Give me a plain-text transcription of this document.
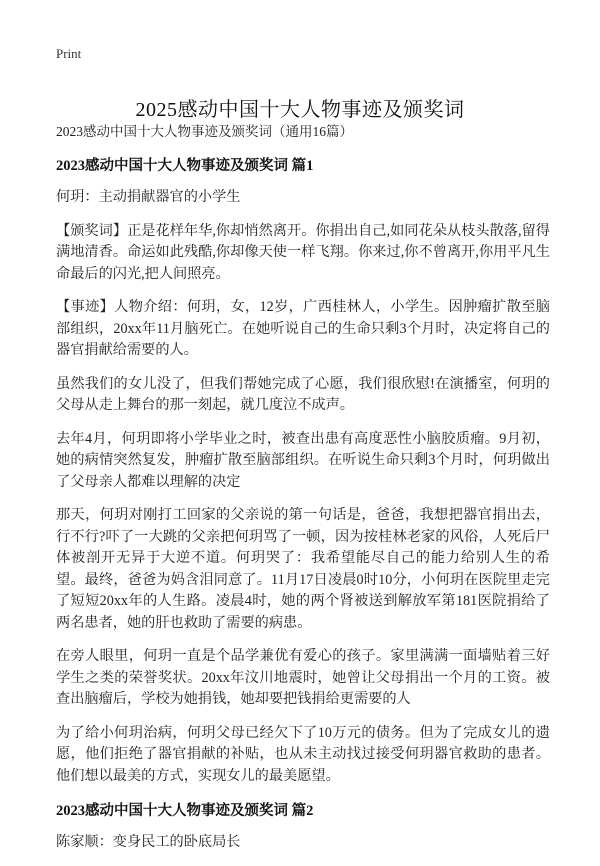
Print
2025感动中国十大人物事迹及颁奖词

2023感动中国十大人物事迹及颁奖词（通用16篇）

2023感动中国十大人物事迹及颁奖词 篇1

何玥：主动捐献器官的小学生

【颁奖词】正是花样年华,你却悄然离开。你捐出自己,如同花朵从枝头散落,留得满地清香。命运如此残酷,你却像天使一样飞翔。你来过,你不曾离开,你用平凡生命最后的闪光,把人间照亮。

【事迹】人物介绍：何玥，女，12岁，广西桂林人，小学生。因肿瘤扩散至脑部组织，20xx年11月脑死亡。在她听说自己的生命只剩3个月时，决定将自己的器官捐献给需要的人。

虽然我们的女儿没了，但我们帮她完成了心愿，我们很欣慰!在演播室，何玥的父母从走上舞台的那一刻起，就几度泣不成声。

去年4月，何玥即将小学毕业之时，被查出患有高度恶性小脑胶质瘤。9月初，她的病情突然复发，肿瘤扩散至脑部组织。在听说生命只剩3个月时，何玥做出了父母亲人都难以理解的决定

那天，何玥对刚打工回家的父亲说的第一句话是，爸爸，我想把器官捐出去，行不行?吓了一大跳的父亲把何玥骂了一顿，因为按桂林老家的风俗，人死后尸体被剖开无异于大逆不道。何玥哭了：我希望能尽自己的能力给别人生的希望。最终，爸爸为妈含泪同意了。11月17日凌晨0时10分，小何玥在医院里走完了短短20xx年的人生路。凌晨4时，她的两个肾被送到解放军第181医院捐给了两名患者，她的肝也救助了需要的病患。

在旁人眼里，何玥一直是个品学兼优有爱心的孩子。家里满满一面墙贴着三好学生之类的荣誉奖状。20xx年汶川地震时，她曾让父母捐出一个月的工资。被查出脑瘤后，学校为她捐钱，她却要把钱捐给更需要的人

为了给小何玥治病，何玥父母已经欠下了10万元的债务。但为了完成女儿的遗愿，他们拒绝了器官捐献的补贴，也从未主动找过接受何玥器官救助的患者。他们想以最美的方式，实现女儿的最美愿望。

2023感动中国十大人物事迹及颁奖词 篇2

陈家顺：变身民工的卧底局长
